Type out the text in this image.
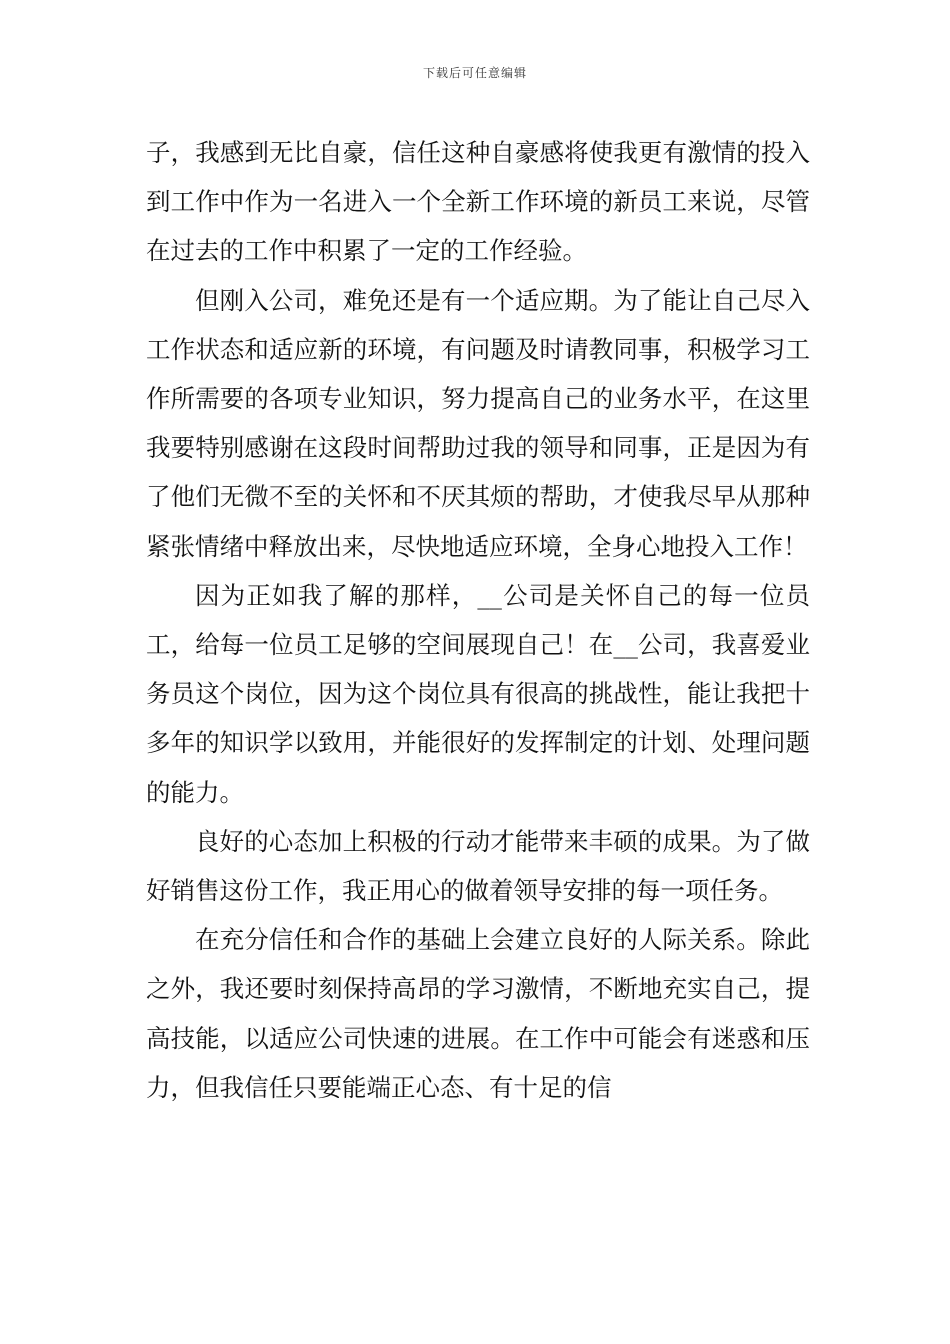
下载后可任意编辑

子，我感到无比自豪，信任这种自豪感将使我更有激情的投入到工作中作为一名进入一个全新工作环境的新员工来说，尽管在过去的工作中积累了一定的工作经验。

但刚入公司，难免还是有一个适应期。为了能让自己尽入工作状态和适应新的环境，有问题及时请教同事，积极学习工作所需要的各项专业知识，努力提高自己的业务水平，在这里我要特别感谢在这段时间帮助过我的领导和同事，正是因为有了他们无微不至的关怀和不厌其烦的帮助，才使我尽早从那种紧张情绪中释放出来，尽快地适应环境，全身心地投入工作！

因为正如我了解的那样，__公司是关怀自己的每一位员工，给每一位员工足够的空间展现自己！在__公司，我喜爱业务员这个岗位，因为这个岗位具有很高的挑战性，能让我把十多年的知识学以致用，并能很好的发挥制定的计划、处理问题的能力。

良好的心态加上积极的行动才能带来丰硕的成果。为了做好销售这份工作，我正用心的做着领导安排的每一项任务。

在充分信任和合作的基础上会建立良好的人际关系。除此之外，我还要时刻保持高昂的学习激情，不断地充实自己，提高技能，以适应公司快速的进展。在工作中可能会有迷惑和压力，但我信任只要能端正心态、有十足的信
